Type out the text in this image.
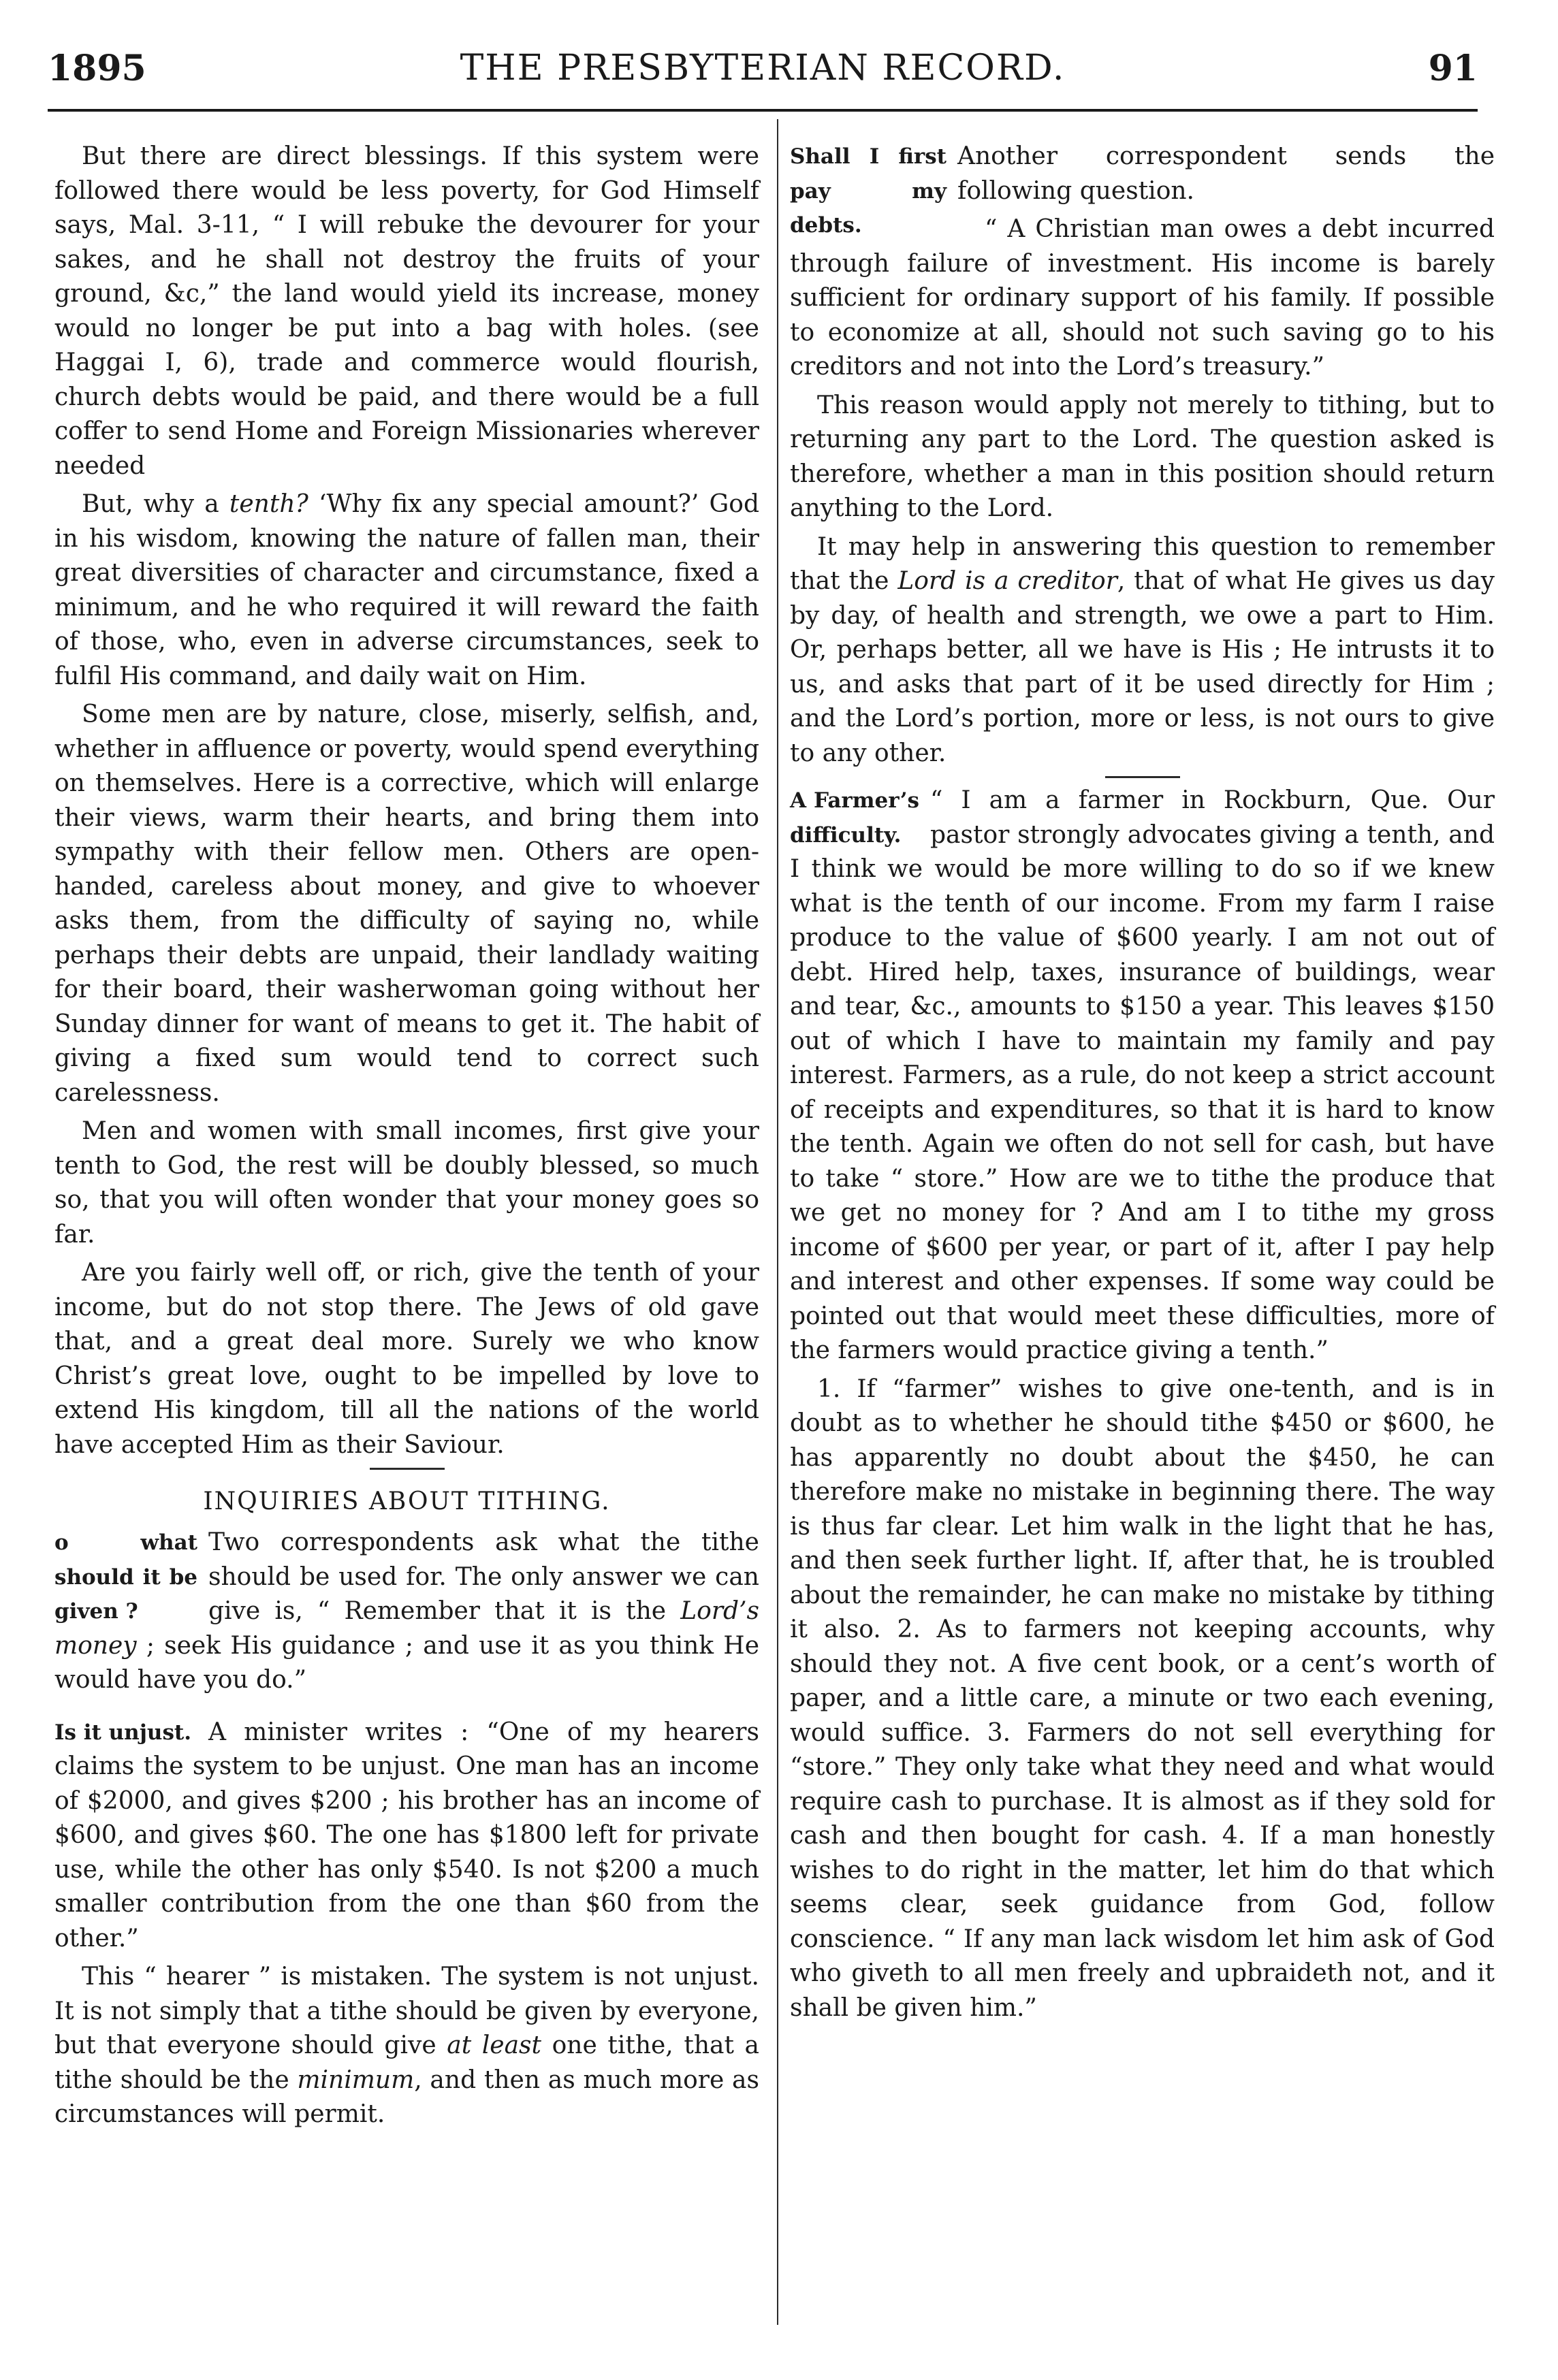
1895	THE PRESBYTERIAN RECORD.	91

But there are direct blessings. If this system were followed there would be less poverty, for God Himself says, Mal. 3-11, “ I will rebuke the devourer for your sakes, and he shall not destroy the fruits of your ground, &c,” the land would yield its increase, money would no longer be put into a bag with holes. (see Haggai I, 6), trade and commerce would flourish, church debts would be paid, and there would be a full coffer to send Home and Foreign Missionaries wherever needed

But, why a tenth? ‘Why fix any special amount?’ God in his wisdom, knowing the nature of fallen man, their great diversities of character and circumstance, fixed a minimum, and he who required it will reward the faith of those, who, even in adverse circumstances, seek to fulfil His command, and daily wait on Him.

Some men are by nature, close, miserly, selfish, and, whether in affluence or poverty, would spend everything on themselves. Here is a corrective, which will enlarge their views, warm their hearts, and bring them into sympathy with their fellow men. Others are open-handed, careless about money, and give to whoever asks them, from the difficulty of saying no, while perhaps their debts are unpaid, their landlady waiting for their board, their washerwoman going without her Sunday dinner for want of means to get it. The habit of giving a fixed sum would tend to correct such carelessness.

Men and women with small incomes, first give your tenth to God, the rest will be doubly blessed, so much so, that you will often wonder that your money goes so far.

Are you fairly well off, or rich, give the tenth of your income, but do not stop there. The Jews of old gave that, and a great deal more. Surely we who know Christ’s great love, ought to be impelled by love to extend His kingdom, till all the nations of the world have accepted Him as their Saviour.

INQUIRIES ABOUT TITHING.

o what should it be given ?
Two correspondents ask what the tithe should be used for. The only answer we can give is, “ Remember that it is the Lord’s money ; seek His guidance ; and use it as you think He would have you do.”

Is it unjust. A minister writes : “One of my hearers claims the system to be unjust. One man has an income of $2000, and gives $200 ; his brother has an income of $600, and gives $60. The one has $1800 left for private use, while the other has only $540. Is not $200 a much smaller contribution from the one than $60 from the other.”

This “ hearer ” is mistaken. The system is not unjust. It is not simply that a tithe should be given by everyone, but that everyone should give at least one tithe, that a tithe should be the minimum, and then as much more as circumstances will permit.

Shall I first pay my debts.
Another correspondent sends the following question.

“ A Christian man owes a debt incurred through failure of investment. His income is barely sufficient for ordinary support of his family. If possible to economize at all, should not such saving go to his creditors and not into the Lord’s treasury.”

This reason would apply not merely to tithing, but to returning any part to the Lord. The question asked is therefore, whether a man in this position should return anything to the Lord.

It may help in answering this question to remember that the Lord is a creditor, that of what He gives us day by day, of health and strength, we owe a part to Him. Or, perhaps better, all we have is His ; He intrusts it to us, and asks that part of it be used directly for Him ; and the Lord’s portion, more or less, is not ours to give to any other.

A Farmer’s difficulty.
“ I am a farmer in Rockburn, Que. Our pastor strongly advocates giving a tenth, and I think we would be more willing to do so if we knew what is the tenth of our income. From my farm I raise produce to the value of $600 yearly. I am not out of debt. Hired help, taxes, insurance of buildings, wear and tear, &c., amounts to $150 a year. This leaves $150 out of which I have to maintain my family and pay interest. Farmers, as a rule, do not keep a strict account of receipts and expenditures, so that it is hard to know the tenth. Again we often do not sell for cash, but have to take “ store.” How are we to tithe the produce that we get no money for ? And am I to tithe my gross income of $600 per year, or part of it, after I pay help and interest and other expenses. If some way could be pointed out that would meet these difficulties, more of the farmers would practice giving a tenth.”

1. If “farmer” wishes to give one-tenth, and is in doubt as to whether he should tithe $450 or $600, he has apparently no doubt about the $450, he can therefore make no mistake in beginning there. The way is thus far clear. Let him walk in the light that he has, and then seek further light. If, after that, he is troubled about the remainder, he can make no mistake by tithing it also. 2. As to farmers not keeping accounts, why should they not. A five cent book, or a cent’s worth of paper, and a little care, a minute or two each evening, would suffice. 3. Farmers do not sell everything for “store.” They only take what they need and what would require cash to purchase. It is almost as if they sold for cash and then bought for cash. 4. If a man honestly wishes to do right in the matter, let him do that which seems clear, seek guidance from God, follow conscience. “ If any man lack wisdom let him ask of God who giveth to all men freely and upbraideth not, and it shall be given him.”
